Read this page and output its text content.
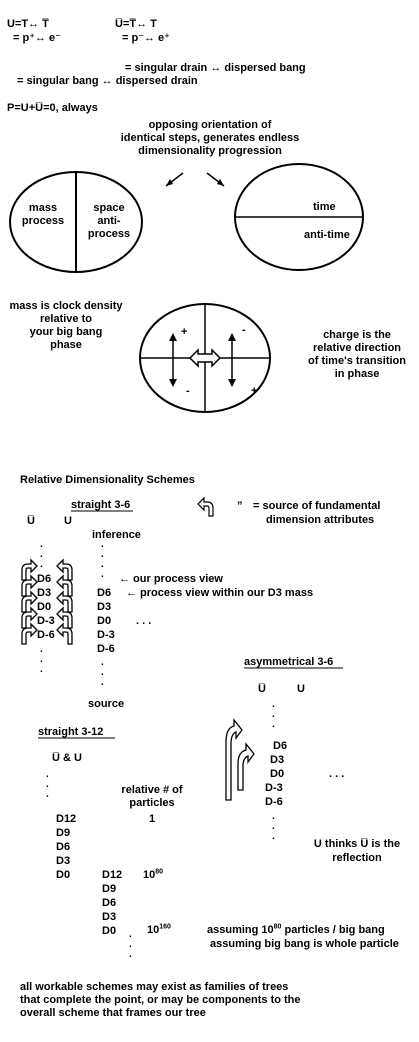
U=T↔ T̅
= p⁺↔ e⁻
U̅=T̅↔ T
= p⁻↔ e⁺
= singular drain ↔ dispersed bang
= singular bang ↔ dispersed drain
P=U+U̅=0, always
opposing orientation of
identical steps, generates endless
dimensionality progression
mass
process
space
anti-
process
time
anti-time
mass is clock density
relative to
your big bang
phase
charge is the
relative direction
of time's transition
in phase
+	-
-	+
Relative Dimensionality Schemes
straight 3-6
U̅	U
inference
” = source of fundamental
dimension attributes
.
.
.
.
.
.
D6
D3
D0
D-3
D-6
← our process view
← process view within our D3 mass
.
D6
D3
D0 . . .
D-3
D-6
.
.
.
.
.
.
source
asymmetrical 3-6
U̅	U
.
.
.
D6
D3
D0	. . .
D-3
D-6
.
.
.
U thinks U̅ is the
reflection
straight 3-12
U̅ & U
.
.
.	relative # of
particles
D12	1
D9
D6
D3
D0	D12 $10^{80}$
D9
D6
D3
D0	$10^{160}$
.
.
.
assuming $10^{80}$ particles / big bang
assuming big bang is whole particle
all workable schemes may exist as families of trees
that complete the point, or may be components to the
overall scheme that frames our tree
